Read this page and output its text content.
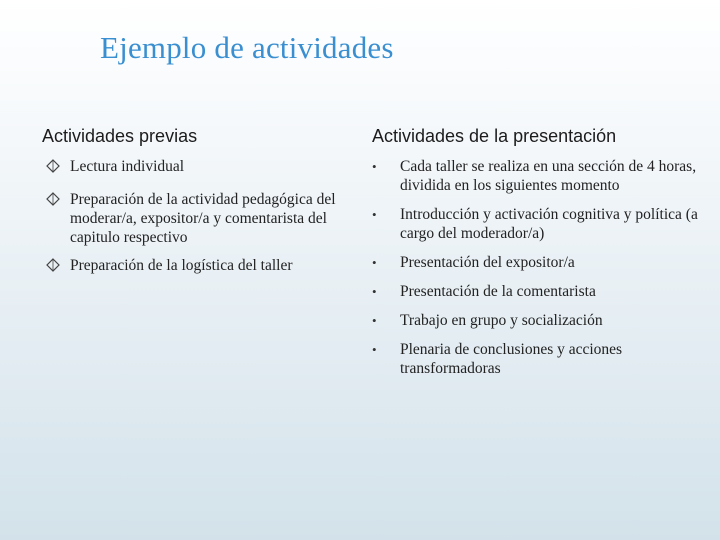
Ejemplo de actividades
Actividades previas	Actividades de la presentación
Lectura individual
Preparación de la actividad pedagógica del moderar/a, expositor/a y comentarista del capitulo respectivo
Preparación de la logística del taller
•	Cada taller se realiza en una sección de 4 horas, dividida en los siguientes momento
•	Introducción y activación cognitiva y política (a cargo del moderador/a)
•	Presentación del expositor/a
•	Presentación de la comentarista
•	Trabajo en grupo y socialización
•	Plenaria de conclusiones y acciones transformadoras
